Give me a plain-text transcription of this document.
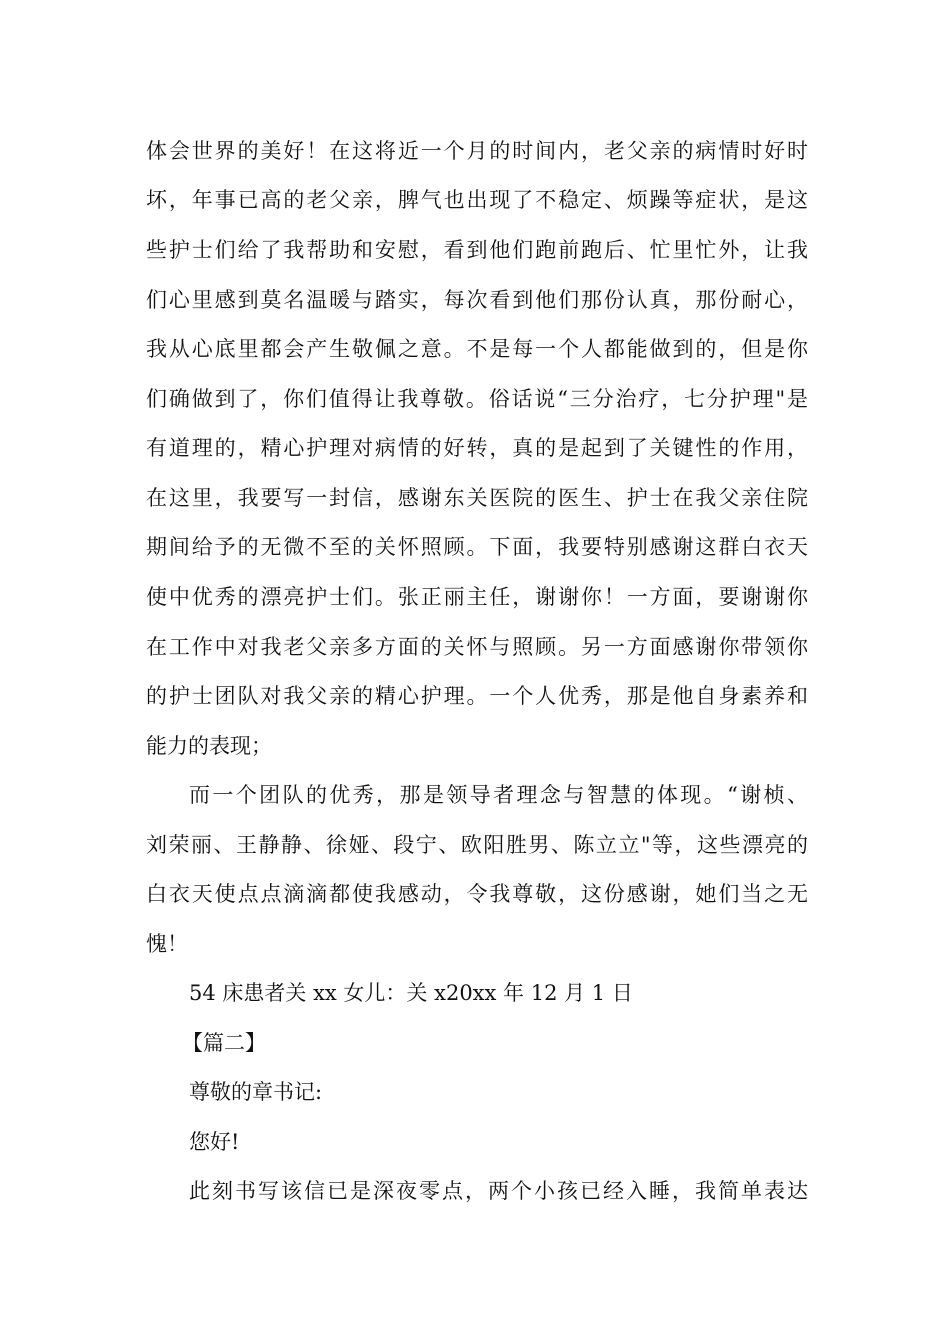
体会世界的美好！在这将近一个月的时间内，老父亲的病情时好时
坏，年事已高的老父亲，脾气也出现了不稳定、烦躁等症状，是这
些护士们给了我帮助和安慰，看到他们跑前跑后、忙里忙外，让我
们心里感到莫名温暖与踏实，每次看到他们那份认真，那份耐心，
我从心底里都会产生敬佩之意。不是每一个人都能做到的，但是你
们确做到了，你们值得让我尊敬。俗话说“三分治疗，七分护理"是
有道理的，精心护理对病情的好转，真的是起到了关键性的作用，
在这里，我要写一封信，感谢东关医院的医生、护士在我父亲住院
期间给予的无微不至的关怀照顾。下面，我要特别感谢这群白衣天
使中优秀的漂亮护士们。张正丽主任，谢谢你！一方面，要谢谢你
在工作中对我老父亲多方面的关怀与照顾。另一方面感谢你带领你
的护士团队对我父亲的精心护理。一个人优秀，那是他自身素养和
能力的表现；
而一个团队的优秀，那是领导者理念与智慧的体现。“谢桢、
刘荣丽、王静静、徐娅、段宁、欧阳胜男、陈立立"等，这些漂亮的
白衣天使点点滴滴都使我感动，令我尊敬，这份感谢，她们当之无
愧！
54 床患者关 xx 女儿：关 x20xx 年 12 月 1 日
【篇二】
尊敬的章书记:
您好!
此刻书写该信已是深夜零点，两个小孩已经入睡，我简单表达
